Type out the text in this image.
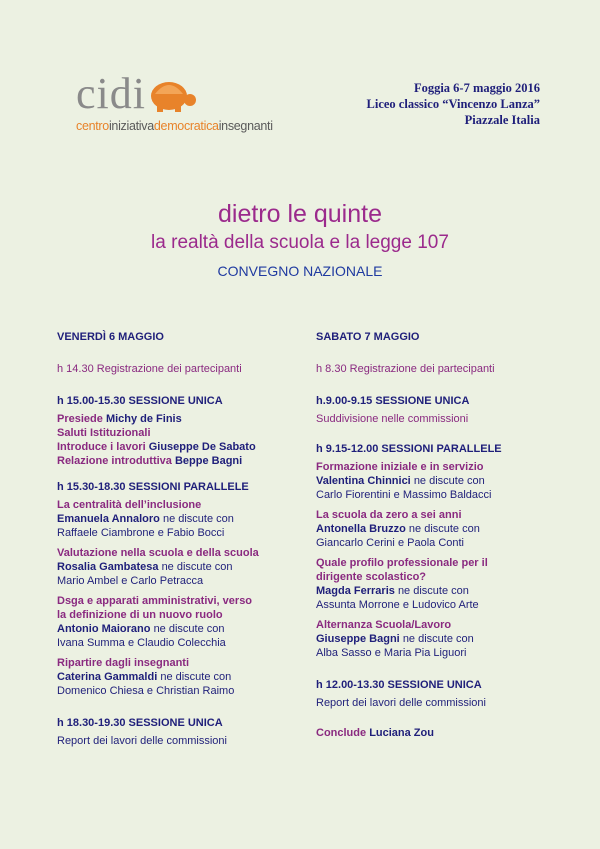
cidi
centroiniziativademocraticainsegnanti
Foggia 6-7 maggio 2016
Liceo classico “Vincenzo Lanza”
Piazzale Italia
dietro le quinte
la realtà della scuola e la legge 107
CONVEGNO NAZIONALE
VENERDÌ 6 MAGGIO
h 14.30 Registrazione dei partecipanti
h 15.00-15.30 SESSIONE UNICA
Presiede Michy de Finis
Saluti Istituzionali
Introduce i lavori Giuseppe De Sabato
Relazione introduttiva Beppe Bagni
h 15.30-18.30 SESSIONI PARALLELE
La centralità dell’inclusione
Emanuela Annaloro ne discute con
Raffaele Ciambrone e Fabio Bocci
Valutazione nella scuola e della scuola
Rosalia Gambatesa ne discute con
Mario Ambel e Carlo Petracca
Dsga e apparati amministrativi, verso
la definizione di un nuovo ruolo
Antonio Maiorano ne discute con
Ivana Summa e Claudio Colecchia
Ripartire dagli insegnanti
Caterina Gammaldi ne discute con
Domenico Chiesa e Christian Raimo
h 18.30-19.30 SESSIONE UNICA
Report dei lavori delle commissioni
SABATO 7 MAGGIO
h 8.30 Registrazione dei partecipanti
h.9.00-9.15 SESSIONE UNICA
Suddivisione nelle commissioni
h 9.15-12.00 SESSIONI PARALLELE
Formazione iniziale e in servizio
Valentina Chinnici ne discute con
Carlo Fiorentini e Massimo Baldacci
La scuola da zero a sei anni
Antonella Bruzzo ne discute con
Giancarlo Cerini e Paola Conti
Quale profilo professionale per il
dirigente scolastico?
Magda Ferraris ne discute con
Assunta Morrone e Ludovico Arte
Alternanza Scuola/Lavoro
Giuseppe Bagni ne discute con
Alba Sasso e Maria Pia Liguori
h 12.00-13.30 SESSIONE UNICA
Report dei lavori delle commissioni
Conclude Luciana Zou
